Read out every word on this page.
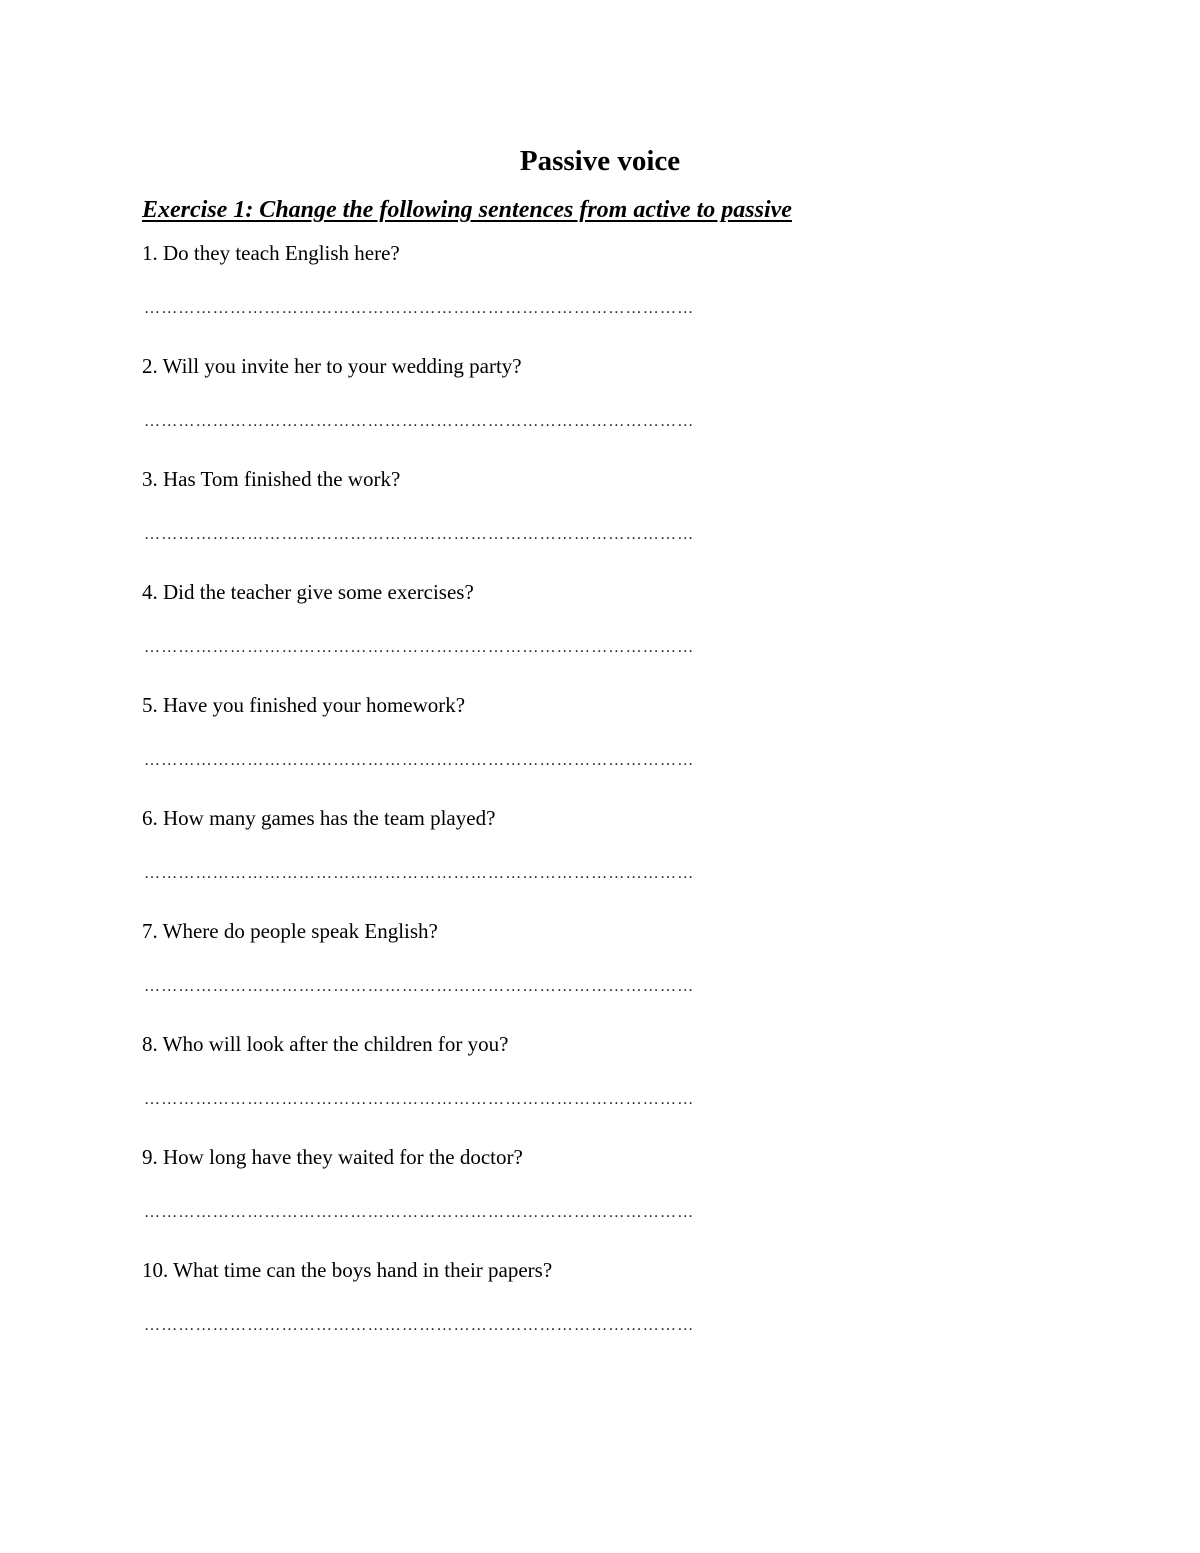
Passive voice
Exercise 1: Change the following sentences from active to passive
1. Do they teach English here?
……………………………………………………………………………………
2. Will you invite her to your wedding party?
……………………………………………………………………………………
3. Has Tom finished the work?
……………………………………………………………………………………
4. Did the teacher give some exercises?
……………………………………………………………………………………
5. Have you finished your homework?
……………………………………………………………………………………
6. How many games has the team played?
……………………………………………………………………………………
7. Where do people speak English?
……………………………………………………………………………………
8. Who will look after the children for you?
……………………………………………………………………………………
9. How long have they waited for the doctor?
……………………………………………………………………………………
10. What time can the boys hand in their papers?
……………………………………………………………………………………
